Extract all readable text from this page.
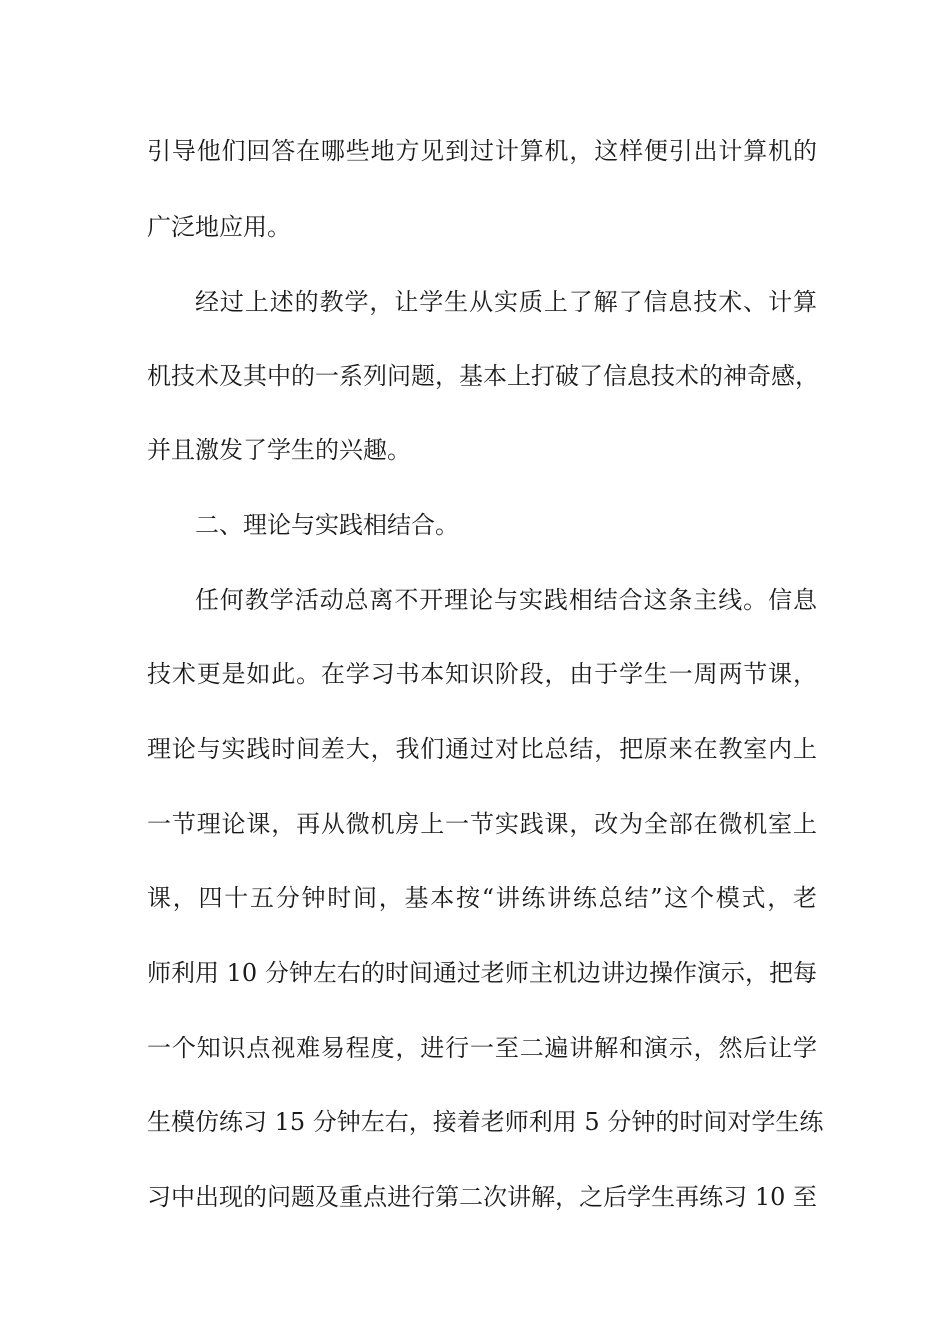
引导他们回答在哪些地方见到过计算机，这样便引出计算机的
广泛地应用。
经过上述的教学，让学生从实质上了解了信息技术、计算
机技术及其中的一系列问题，基本上打破了信息技术的神奇感，
并且激发了学生的兴趣。
二、理论与实践相结合。
任何教学活动总离不开理论与实践相结合这条主线。信息
技术更是如此。在学习书本知识阶段，由于学生一周两节课，
理论与实践时间差大，我们通过对比总结，把原来在教室内上
一节理论课，再从微机房上一节实践课，改为全部在微机室上
课，四十五分钟时间，基本按“讲练讲练总结”这个模式，老
师利用 10 分钟左右的时间通过老师主机边讲边操作演示，把每
一个知识点视难易程度，进行一至二遍讲解和演示，然后让学
生模仿练习 15 分钟左右，接着老师利用 5 分钟的时间对学生练
习中出现的问题及重点进行第二次讲解，之后学生再练习 10 至
